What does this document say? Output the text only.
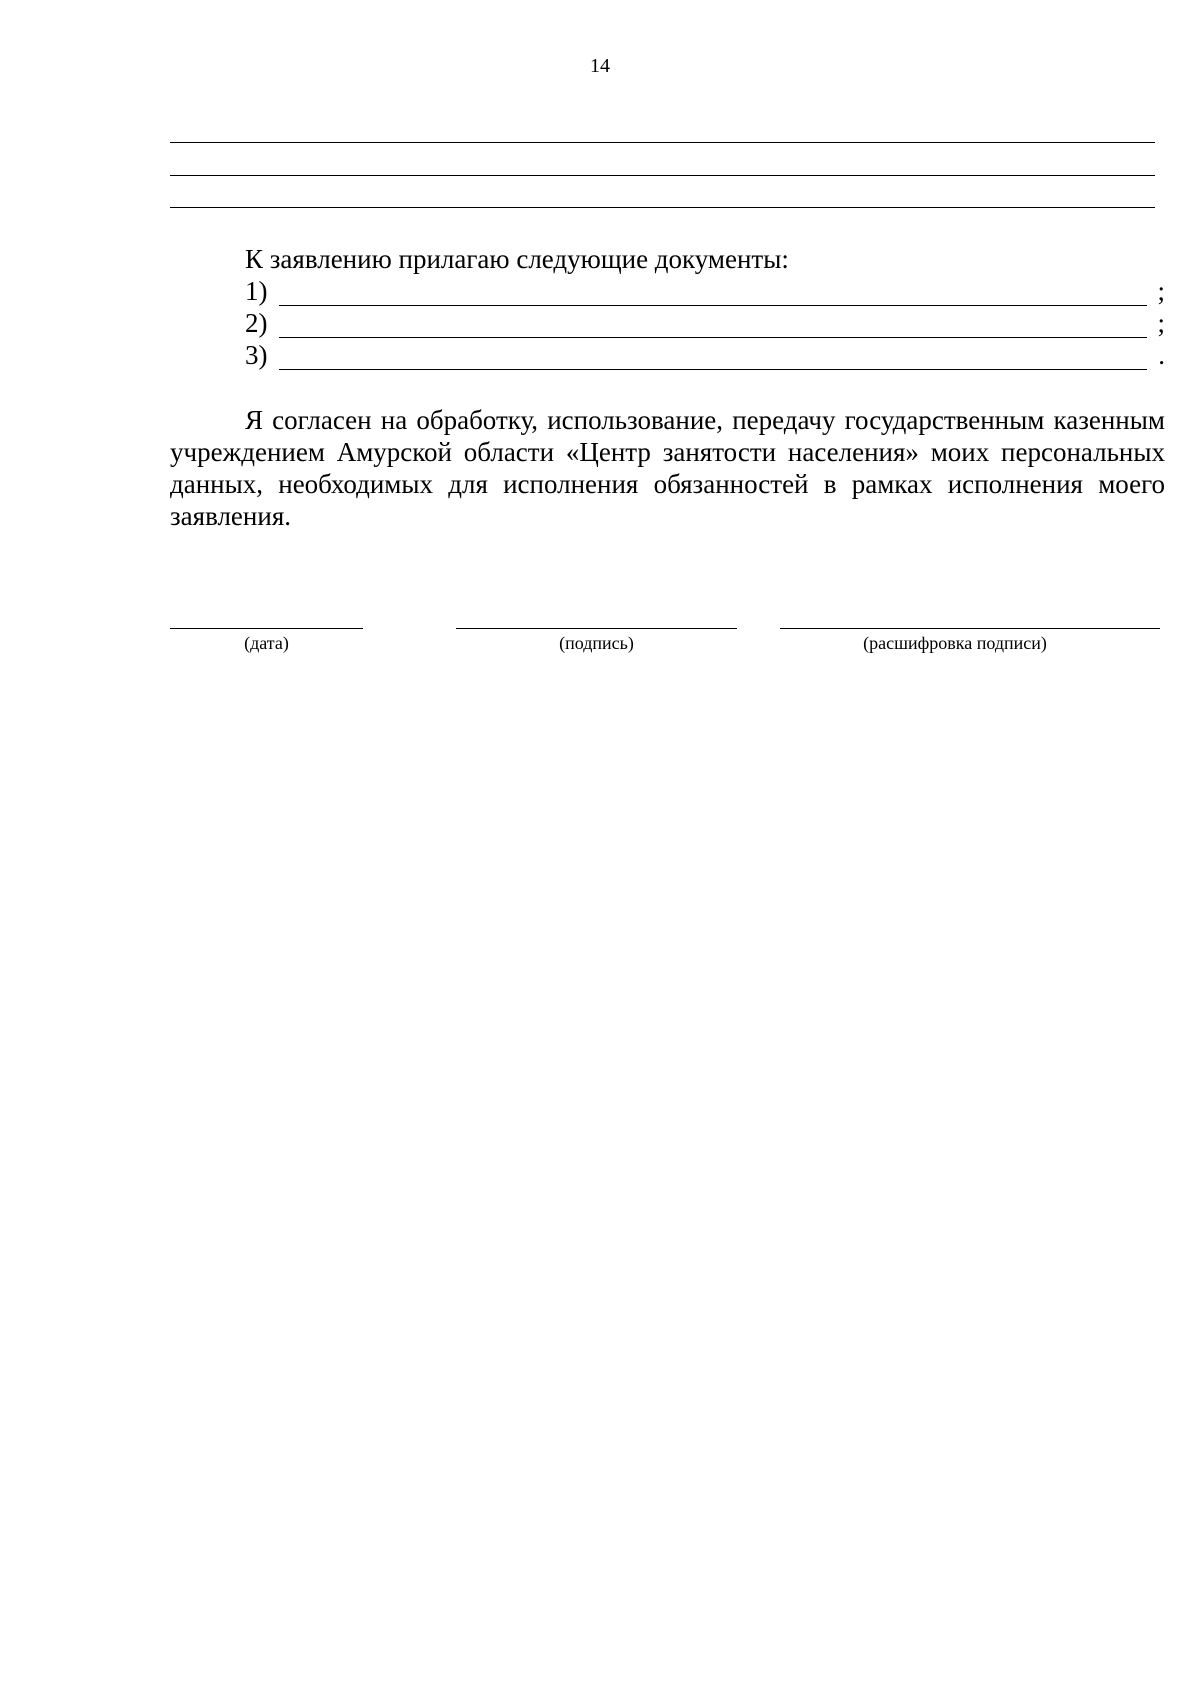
14
К заявлению прилагаю следующие документы:
1)	;
2)	;
3)	.

Я согласен на обработку, использование, передачу государственным казенным учреждением Амурской области «Центр занятости населения» моих персональных данных, необходимых для исполнения обязанностей в рамках исполнения моего заявления.

(дата)	(подпись)	(расшифровка подписи)
